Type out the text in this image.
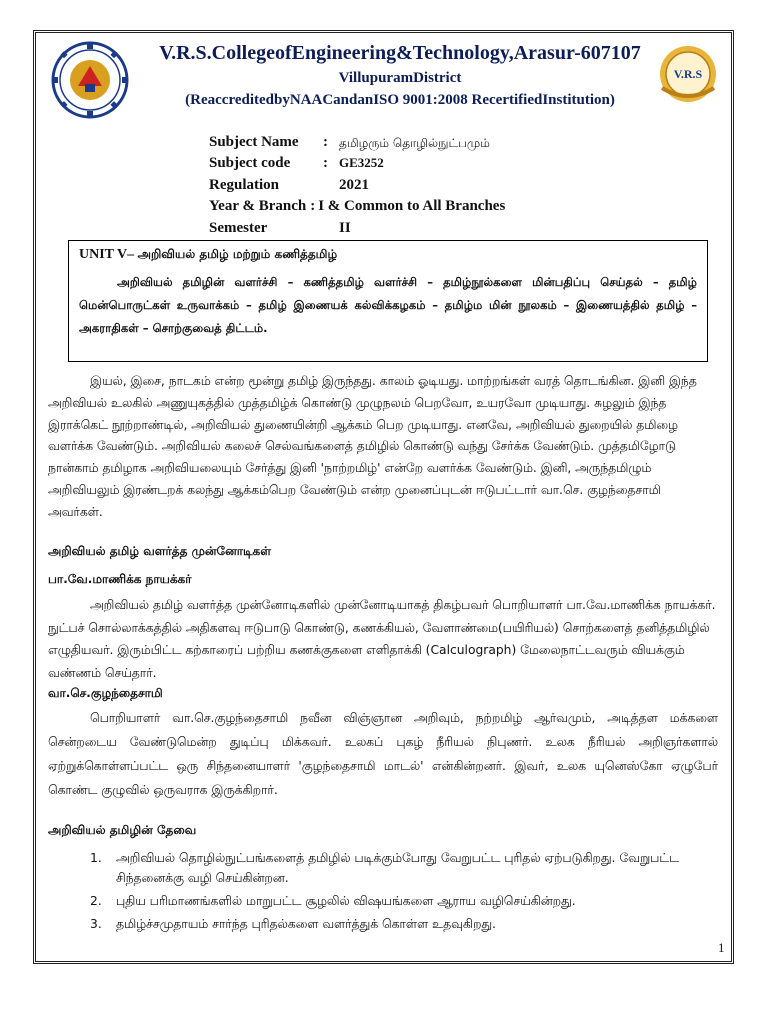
V.R.S
V.R.S.CollegeofEngineering&Technology,Arasur-607107
VillupuramDistrict
(ReaccreditedbyNAACandanISO 9001:2008 RecertifiedInstitution)
Subject Name	: தமிழரும் தொழில்நுட்பமும்
Subject code	: GE3252
Regulation	2021
Year & Branch : I & Common to All Branches
Semester	II
UNIT V– அறிவியல் தமிழ் மற்றும் கணித்தமிழ்
அறிவியல் தமிழின் வளர்ச்சி – கணித்தமிழ் வளர்ச்சி – தமிழ்நூல்களை மின்பதிப்பு செய்தல் – தமிழ் மென்பொருட்கள் உருவாக்கம் – தமிழ் இணையக் கல்விக்கழகம் – தமிழ்ம மின் நூலகம் – இணையத்தில் தமிழ் – அகராதிகள் – சொற்குவைத் திட்டம்.
இயல், இசை, நாடகம் என்ற மூன்று தமிழ் இருந்தது. காலம் ஓடியது. மாற்றங்கள் வரத் தொடங்கின. இனி இந்த அறிவியல் உலகில் அணுயுகத்தில் முத்தமிழ்க் கொண்டு முழுநலம் பெறவோ, உயரவோ முடியாது. சுழலும் இந்த இராக்கெட் நூற்றாண்டில், அறிவியல் துணையின்றி ஆக்கம் பெற முடியாது. எனவே, அறிவியல் துறையில் தமிழை வளர்க்க வேண்டும். அறிவியல் கலைச் செல்வங்களைத் தமிழில் கொண்டு வந்து சேர்க்க வேண்டும். முத்தமிழோடு நான்காம் தமிழாக அறிவியலையும் சேர்த்து இனி 'நாற்றமிழ்' என்றே வளர்க்க வேண்டும். இனி, அருந்தமிழும் அறிவியலும் இரண்டறக் கலந்து ஆக்கம்பெற வேண்டும் என்ற முனைப்புடன் ஈடுபட்டார் வா.செ. குழந்தைசாமி அவர்கள்.
அறிவியல் தமிழ் வளர்த்த முன்னோடிகள்
பா.வே.மாணிக்க நாயக்கர்
அறிவியல் தமிழ் வளர்த்த முன்னோடிகளில் முன்னோடியாகத் திகழ்பவர் பொறியாளர் பா.வே.மாணிக்க நாயக்கர். நுட்பச் சொல்லாக்கத்தில் அதிகளவு ஈடுபாடு கொண்டு, கணக்கியல், வேளாண்மை(பயிரியல்) சொற்களைத் தனித்தமிழில் எழுதியவர். இரும்பிட்ட கற்காரைப் பற்றிய கணக்குகளை எளிதாக்கி (Calculograph) மேலைநாட்டவரும் வியக்கும் வண்ணம் செய்தார்.
வா.செ.குழந்தைசாமி
பொறியாளர் வா.செ.குழந்தைசாமி நவீன விஞ்ஞான அறிவும், நற்றமிழ் ஆர்வமும், அடித்தள மக்களை சென்றடைய வேண்டுமென்ற துடிப்பு மிக்கவர். உலகப் புகழ் நீரியல் நிபுணர். உலக நீரியல் அறிஞர்களால் ஏற்றுக்கொள்ளப்பட்ட ஒரு சிந்தனையாளர் 'குழந்தைசாமி மாடல்' என்கின்றனர். இவர், உலக யுனெஸ்கோ ஏழுபேர் கொண்ட குழுவில் ஒருவராக இருக்கிறார்.
அறிவியல் தமிழின் தேவை
1. அறிவியல் தொழில்நுட்பங்களைத் தமிழில் படிக்கும்போது வேறுபட்ட புரிதல் ஏற்படுகிறது. வேறுபட்ட சிந்தனைக்கு வழி செய்கின்றன.
2. புதிய பரிமாணங்களில் மாறுபட்ட சூழலில் விஷயங்களை ஆராய வழிசெய்கின்றது.
3. தமிழ்ச்சமுதாயம் சார்ந்த புரிதல்களை வளர்த்துக் கொள்ள உதவுகிறது.
1
